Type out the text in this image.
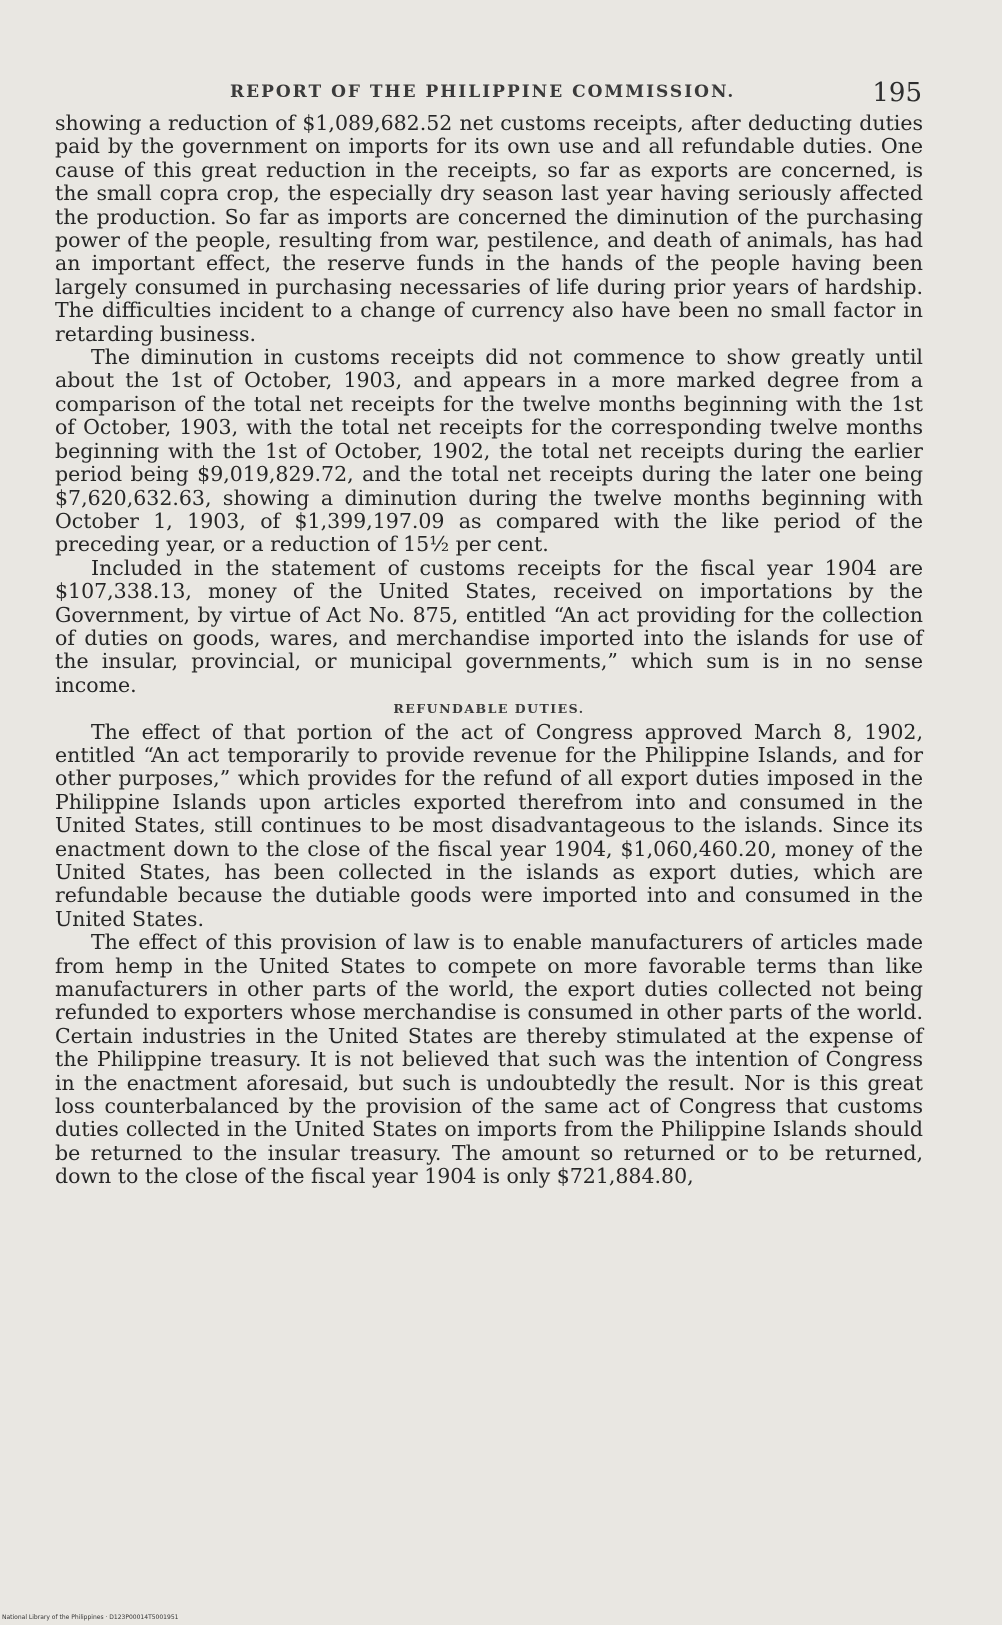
REPORT OF THE PHILIPPINE COMMISSION.	195

showing a reduction of $1,089,682.52 net customs receipts, after deducting duties paid by the government on imports for its own use and all refundable duties. One cause of this great reduction in the receipts, so far as exports are concerned, is the small copra crop, the especially dry season last year having seriously affected the production. So far as imports are concerned the diminution of the purchasing power of the people, resulting from war, pestilence, and death of animals, has had an important effect, the reserve funds in the hands of the people having been largely consumed in purchasing necessaries of life during prior years of hardship. The difficulties incident to a change of currency also have been no small factor in retarding business.

The diminution in customs receipts did not commence to show greatly until about the 1st of October, 1903, and appears in a more marked degree from a comparison of the total net receipts for the twelve months beginning with the 1st of October, 1903, with the total net receipts for the corresponding twelve months beginning with the 1st of October, 1902, the total net receipts during the earlier period being $9,019,829.72, and the total net receipts during the later one being $7,620,632.63, showing a diminution during the twelve months beginning with October 1, 1903, of $1,399,197.09 as compared with the like period of the preceding year, or a reduction of 15½ per cent.

Included in the statement of customs receipts for the fiscal year 1904 are $107,338.13, money of the United States, received on importations by the Government, by virtue of Act No. 875, entitled “An act providing for the collection of duties on goods, wares, and merchandise imported into the islands for use of the insular, provincial, or municipal governments,” which sum is in no sense income.

REFUNDABLE DUTIES.

The effect of that portion of the act of Congress approved March 8, 1902, entitled “An act temporarily to provide revenue for the Philippine Islands, and for other purposes,” which provides for the refund of all export duties imposed in the Philippine Islands upon articles exported therefrom into and consumed in the United States, still continues to be most disadvantageous to the islands. Since its enactment down to the close of the fiscal year 1904, $1,060,460.20, money of the United States, has been collected in the islands as export duties, which are refundable because the dutiable goods were imported into and consumed in the United States.

The effect of this provision of law is to enable manufacturers of articles made from hemp in the United States to compete on more favorable terms than like manufacturers in other parts of the world, the export duties collected not being refunded to exporters whose merchandise is consumed in other parts of the world. Certain industries in the United States are thereby stimulated at the expense of the Philippine treasury. It is not believed that such was the intention of Congress in the enactment aforesaid, but such is undoubtedly the result. Nor is this great loss counterbalanced by the provision of the same act of Congress that customs duties collected in the United States on imports from the Philippine Islands should be returned to the insular treasury. The amount so returned or to be returned, down to the close of the fiscal year 1904 is only $721,884.80,

National Library of the Philippines · D123P00014T5001951
